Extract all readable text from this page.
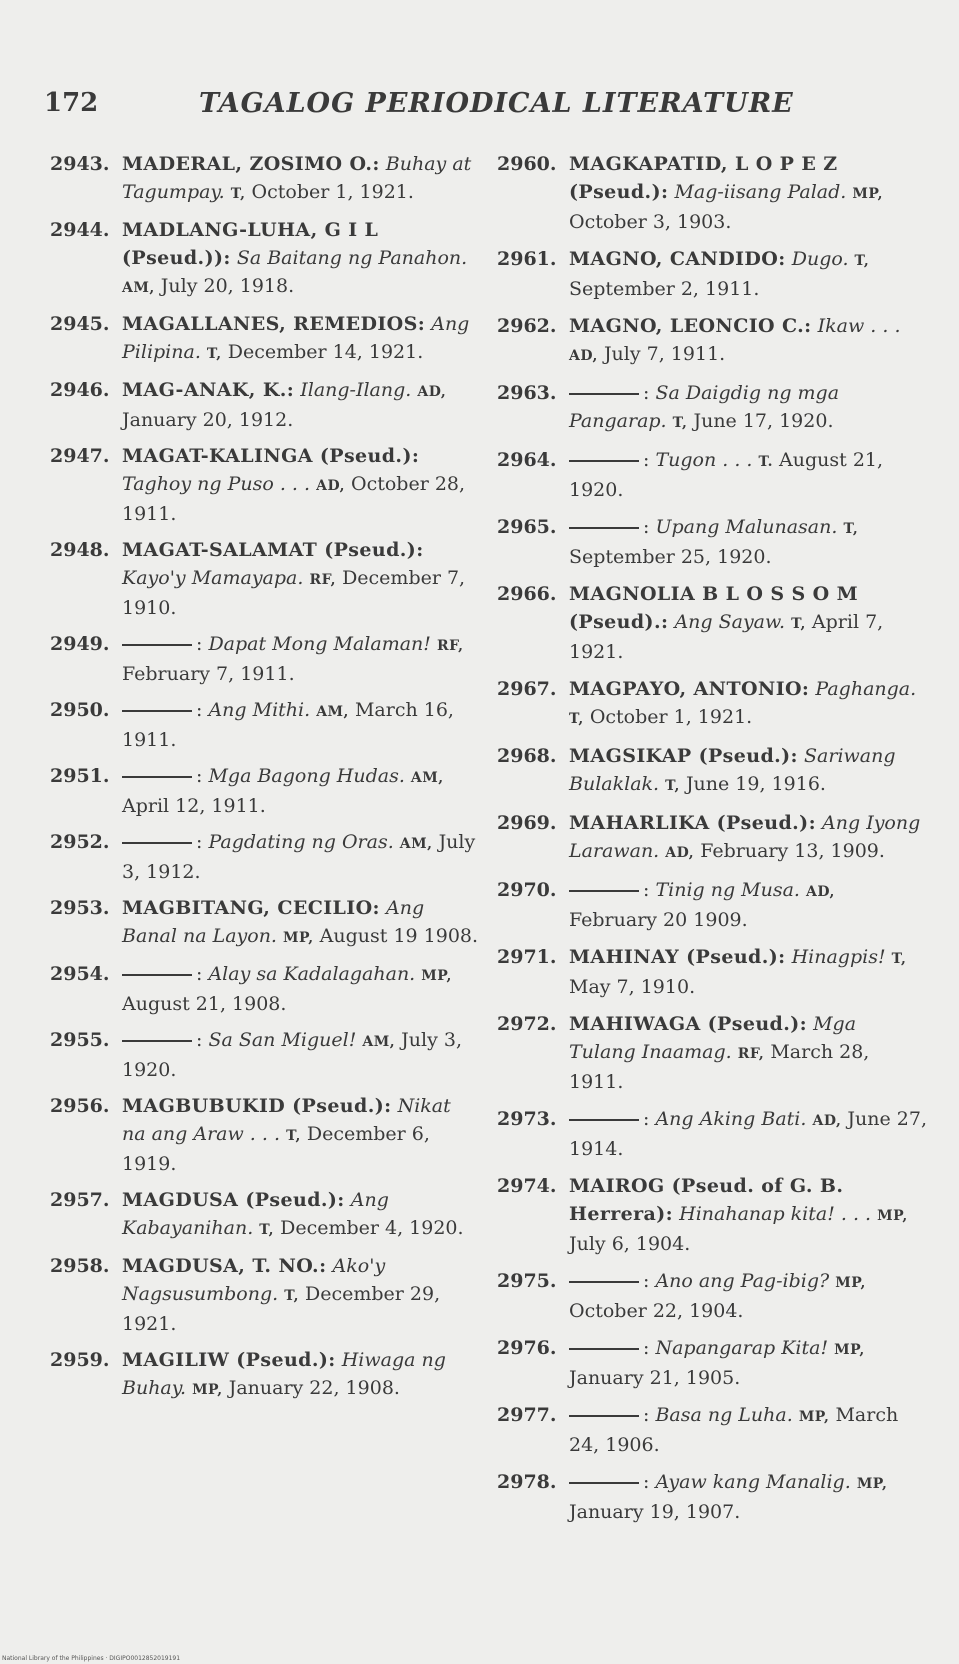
172	TAGALOG PERIODICAL LITERATURE
2943. MADERAL, ZOSIMO O.: Buhay at Tagumpay. T, October 1, 1921.
2944. MADLANG-LUHA, G I L (Pseud.)): Sa Baitang ng Panahon. AM, July 20, 1918.
2945. MAGALLANES, REMEDIOS: Ang Pilipina. T, December 14, 1921.
2946. MAG-ANAK, K.: Ilang-Ilang. AD, January 20, 1912.
2947. MAGAT-KALINGA (Pseud.): Taghoy ng Puso . . . AD, October 28, 1911.
2948. MAGAT-SALAMAT (Pseud.): Kayo'y Mamayapa. RF, December 7, 1910.
2949.	: Dapat Mong Malaman! RF, February 7, 1911.
2950.	: Ang Mithi. AM, March 16, 1911.
2951.	: Mga Bagong Hudas. AM, April 12, 1911.
2952.	: Pagdating ng Oras. AM, July 3, 1912.
2953. MAGBITANG, CECILIO: Ang Banal na Layon. MP, August 19 1908.
2954.	: Alay sa Kadalagahan. MP, August 21, 1908.
2955.	: Sa San Miguel! AM, July 3, 1920.
2956. MAGBUBUKID (Pseud.): Nikat na ang Araw . . . T, December 6, 1919.
2957. MAGDUSA (Pseud.): Ang Kabayanihan. T, December 4, 1920.
2958. MAGDUSA, T. NO.: Ako'y Nagsusumbong. T, December 29, 1921.
2959. MAGILIW (Pseud.): Hiwaga ng Buhay. MP, January 22, 1908.
2960. MAGKAPATID, L O P E Z (Pseud.): Mag-iisang Palad. MP, October 3, 1903.
2961. MAGNO, CANDIDO: Dugo. T, September 2, 1911.
2962. MAGNO, LEONCIO C.: Ikaw . . . AD, July 7, 1911.
2963.	: Sa Daigdig ng mga Pangarap. T, June 17, 1920.
2964.	: Tugon . . . T. August 21, 1920.
2965.	: Upang Malunasan. T, September 25, 1920.
2966. MAGNOLIA B L O S S O M (Pseud).: Ang Sayaw. T, April 7, 1921.
2967. MAGPAYO, ANTONIO: Paghanga. T, October 1, 1921.
2968. MAGSIKAP (Pseud.): Sariwang Bulaklak. T, June 19, 1916.
2969. MAHARLIKA (Pseud.): Ang Iyong Larawan. AD, February 13, 1909.
2970.	: Tinig ng Musa. AD, February 20 1909.
2971. MAHINAY (Pseud.): Hinagpis! T, May 7, 1910.
2972. MAHIWAGA (Pseud.): Mga Tulang Inaamag. RF, March 28, 1911.
2973.	: Ang Aking Bati. AD, June 27, 1914.
2974. MAIROG (Pseud. of G. B. Herrera): Hinahanap kita! . . . MP, July 6, 1904.
2975.	: Ano ang Pag-ibig? MP, October 22, 1904.
2976.	: Napangarap Kita! MP, January 21, 1905.
2977.	: Basa ng Luha. MP, March 24, 1906.
2978.	: Ayaw kang Manalig. MP, January 19, 1907.
National Library of the Philippines · DIGIPO0012852019191
